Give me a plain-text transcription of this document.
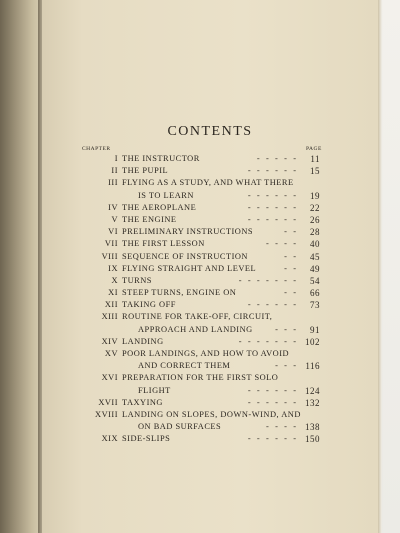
CONTENTS
CHAPTER	PAGE
I THE INSTRUCTOR	-   -   -   -   - 11
II THE PUPIL	-   -   -   -   -   - 15
III FLYING AS A STUDY, AND WHAT THERE
IS TO LEARN	-   -   -   -   -   - 19
IV THE AEROPLANE	-   -   -   -   -   - 22
V THE ENGINE	-   -   -   -   -   - 26
VI PRELIMINARY INSTRUCTIONS	-   - 28
VII THE FIRST LESSON	-   -   -   - 40
VIII SEQUENCE OF INSTRUCTION	-   - 45
IX FLYING STRAIGHT AND LEVEL	-   - 49
X TURNS	-   -   -   -   -   -   - 54
XI STEEP TURNS, ENGINE ON	-   - 66
XII TAKING OFF	-   -   -   -   -   - 73
XIII ROUTINE FOR TAKE-OFF, CIRCUIT,
APPROACH AND LANDING	-   -   - 91
XIV LANDING	-   -   -   -   -   -   - 102
XV POOR LANDINGS, AND HOW TO AVOID
AND CORRECT THEM	-   -   - 116
XVI PREPARATION FOR THE FIRST SOLO
FLIGHT	-   -   -   -   -   - 124
XVII TAXYING	-   -   -   -   -   - 132
XVIII LANDING ON SLOPES, DOWN-WIND, AND
ON BAD SURFACES	-   -   -   - 138
XIX SIDE-SLIPS	-   -   -   -   -   - 150
